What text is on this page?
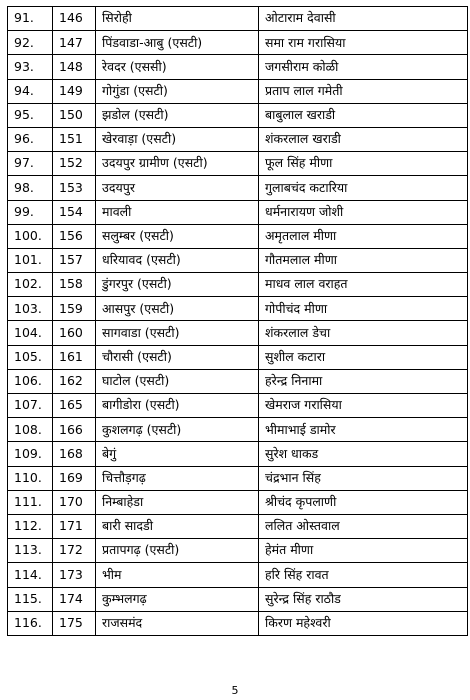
91.	146	सिरोही	ओटाराम देवासी
92.	147	पिंडवाडा-आबु (एसटी)	समा राम गरासिया
93.	148	रेवदर (एससी)	जगसीराम कोळी
94.	149	गोगुंडा (एसटी)	प्रताप लाल गमेती
95.	150	झडोल (एसटी)	बाबुलाल खराडी
96.	151	खेरवाड़ा (एसटी)	शंकरलाल खराडी
97.	152	उदयपुर ग्रामीण (एसटी)	फूल सिंह मीणा
98.	153	उदयपुर	गुलाबचंद कटारिया
99.	154	मावली	धर्मनारायण जोशी
100.	156	सलुम्बर (एसटी)	अमृतलाल मीणा
101.	157	धरियावद (एसटी)	गौतमलाल मीणा
102.	158	डुंगरपुर (एसटी)	माधव लाल वराहत
103.	159	आसपुर (एसटी)	गोपीचंद मीणा
104.	160	सागवाडा (एसटी)	शंकरलाल डेचा
105.	161	चौरासी (एसटी)	सुशील कटारा
106.	162	घाटोल (एसटी)	हरेन्द्र निनामा
107.	165	बागीडोरा (एसटी)	खेमराज गरासिया
108.	166	कुशलगढ़ (एसटी)	भीमाभाई डामोर
109.	168	बेगुं	सुरेश धाकड
110.	169	चित्तौड़गढ़	चंद्रभान सिंह
111.	170	निम्बाहेडा	श्रीचंद कृपलाणी
112.	171	बारी सादडी	ललित ओस्तवाल
113.	172	प्रतापगढ़ (एसटी)	हेमंत मीणा
114.	173	भीम	हरि सिंह रावत
115.	174	कुम्भलगढ़	सुरेन्द्र सिंह राठौड
116.	175	राजसमंद	किरण महेश्वरी
5
